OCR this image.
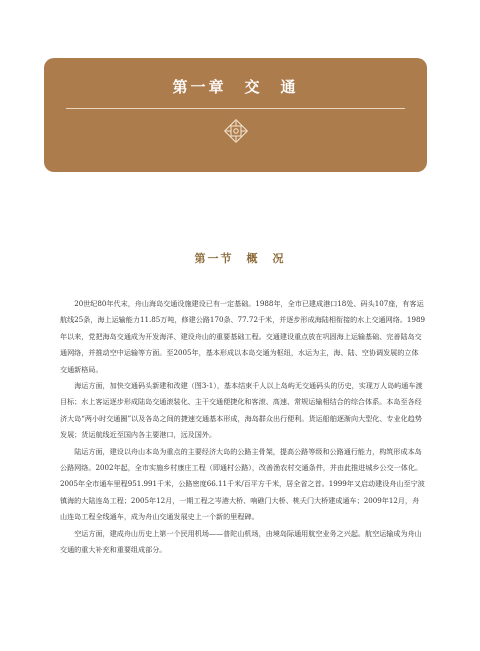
第一章　交　通
第一节　概　况

20世纪80年代末，舟山海岛交通设施建设已有一定基础。1988年，全市已建成港口18处、码头107座，有客运航线25条，海上运输能力11.85万吨，修建公路170条、77.72千米，并逐步形成海陆相衔接的水上交通网络。1989年以来，党把海岛交通成为开发海洋、建设舟山的重要基础工程。交通建设重点放在巩固海上运输基础、完善陆岛交通网络，并推动空中运输等方面。至2005年，基本形成以本岛交通为枢纽，水运为主，海、陆、空协调发展的立体交通新格局。

海运方面，加快交通码头新建和改建（图3-1），基本结束千人以上岛屿无交通码头的历史，实现万人岛屿通车渡目标；水上客运逐步形成陆岛交通滚装化、主干交通便捷化和客滚、高速、常规运输相结合的综合体系。本岛至各经济大岛“两小时交通圈”以及各岛之间的捷速交通基本形成，海岛群众出行便利。货运船舶逐渐向大型化、专业化趋势发展；货运航线近至国内各主要港口，远及国外。

陆运方面，建设以舟山本岛为重点的主要经济大岛的公路主骨架，提高公路等级和公路通行能力，构筑形成本岛公路网络。2002年起，全市实施乡村康庄工程（即通村公路），改善渔农村交通条件，并由此推进城乡公交一体化。2005年全市通车里程951.991千米，公路密度66.11千米/百平方千米，居全省之首。1999年又启动建设舟山至宁波镇海的大陆连岛工程；2005年12月，一期工程之岑港大桥、响礁门大桥、桃夭门大桥建成通车；2009年12月，舟山连岛工程全线通车，成为舟山交通发展史上一个新的里程碑。

空运方面，建成舟山历史上第一个民用机场——普陀山机场，由境岛际通用航空业务之兴起。航空运输成为舟山交通的重大补充和重要组成部分。
